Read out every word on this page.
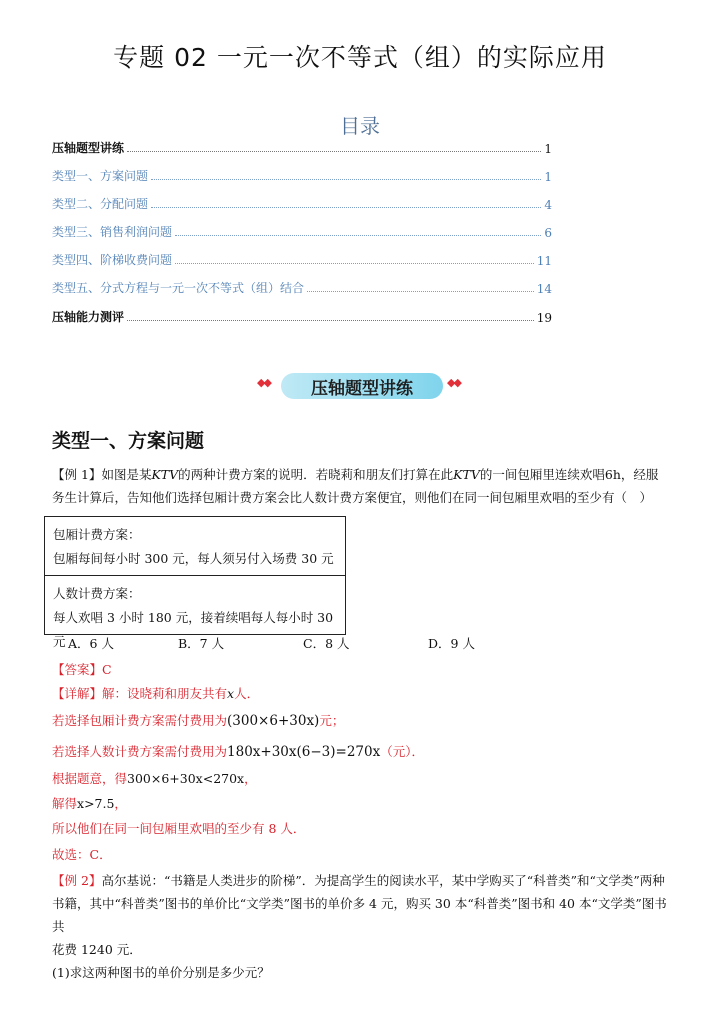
专题 02 一元一次不等式（组）的实际应用
目录
压轴题型讲练	1
类型一、方案问题	1
类型二、分配问题	4
类型三、销售利润问题	6
类型四、阶梯收费问题	11
类型五、分式方程与一元一次不等式（组）结合	14
压轴能力测评	19
◆◆	压轴题型讲练	◆◆
类型一、方案问题
【例 1】如图是某KTV的两种计费方案的说明．若晓莉和朋友们打算在此KTV的一间包厢里连续欢唱6h，经服
务生计算后，告知他们选择包厢计费方案会比人数计费方案便宜，则他们在同一间包厢里欢唱的至少有（　）
包厢计费方案：
包厢每间每小时 300 元，每人须另付入场费 30 元
人数计费方案：
每人欢唱 3 小时 180 元，接着续唱每人每小时 30 元 A．6 人	B．7 人	C．8 人	D．9 人
【答案】C
【详解】解：设晓莉和朋友共有x人．
若选择包厢计费方案需付费用为(300×6+30x)元；
若选择人数计费方案需付费用为180x+30x(6−3)=270x（元）．
根据题意，得300×6+30x<270x，
解得x>7.5，
所以他们在同一间包厢里欢唱的至少有 8 人．
故选：C．
【例 2】高尔基说：“书籍是人类进步的阶梯”．为提高学生的阅读水平，某中学购买了“科普类”和“文学类”两种
书籍，其中“科普类”图书的单价比“文学类”图书的单价多 4 元，购买 30 本“科普类”图书和 40 本“文学类”图书共
花费 1240 元．
(1)求这两种图书的单价分别是多少元？
